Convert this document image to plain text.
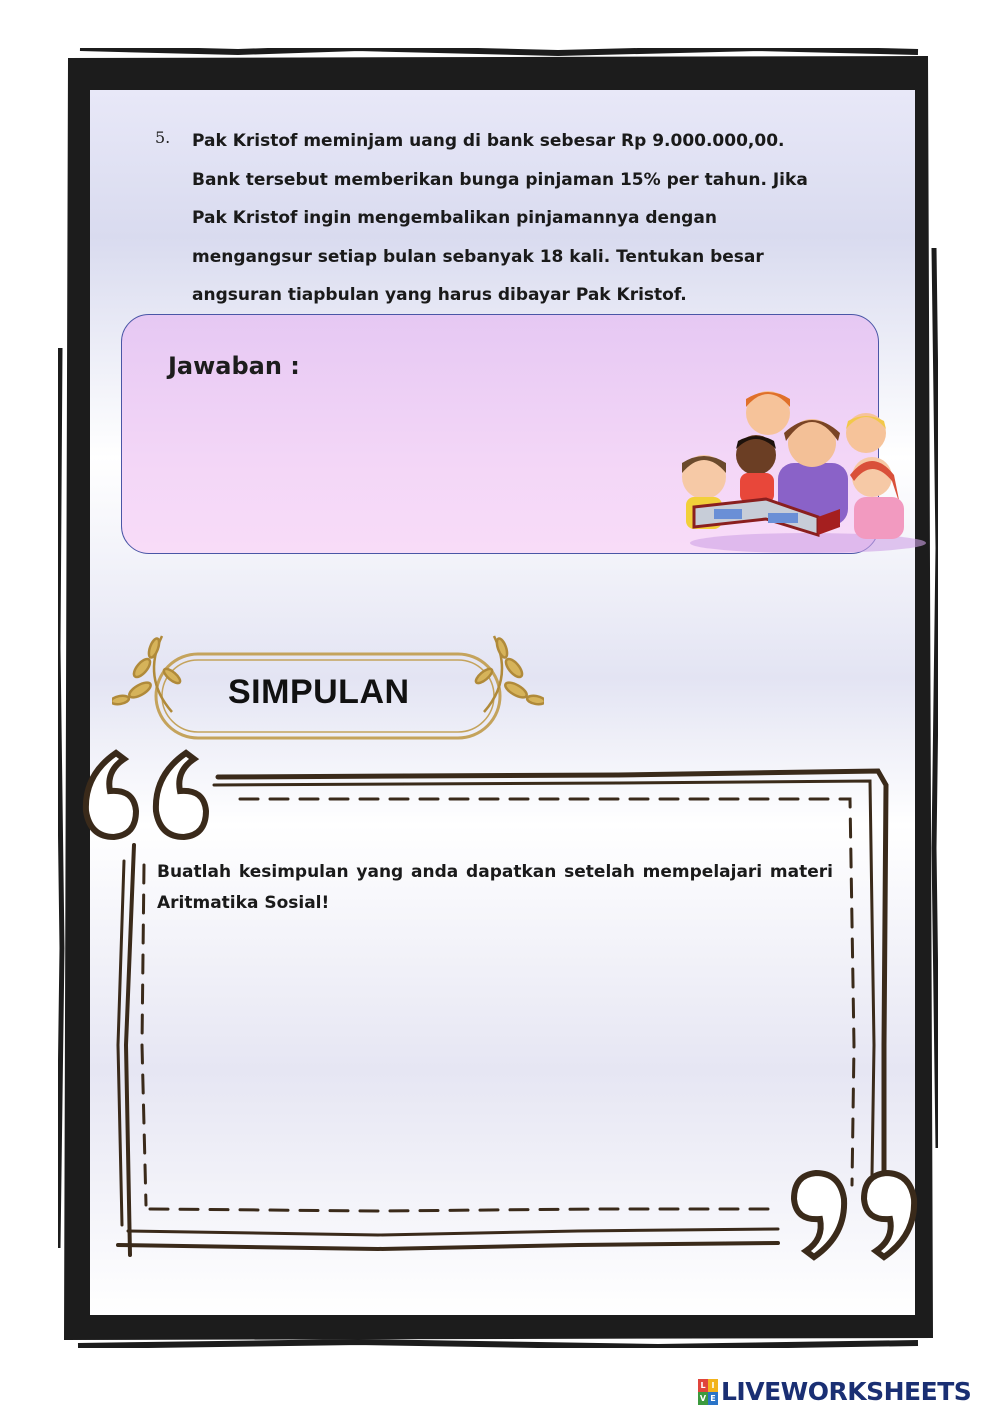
5. Pak Kristof meminjam uang di bank sebesar Rp 9.000.000,00.

Bank tersebut memberikan bunga pinjaman 15% per tahun. Jika

Pak Kristof ingin mengembalikan pinjamannya dengan

mengangsur setiap bulan sebanyak 18 kali. Tentukan besar

angsuran tiapbulan yang harus dibayar Pak Kristof.

Jawaban :
SIMPULAN
Buatlah kesimpulan yang anda dapatkan setelah mempelajari materi Aritmatika Sosial!
L I
V E LIVEWORKSHEETS
